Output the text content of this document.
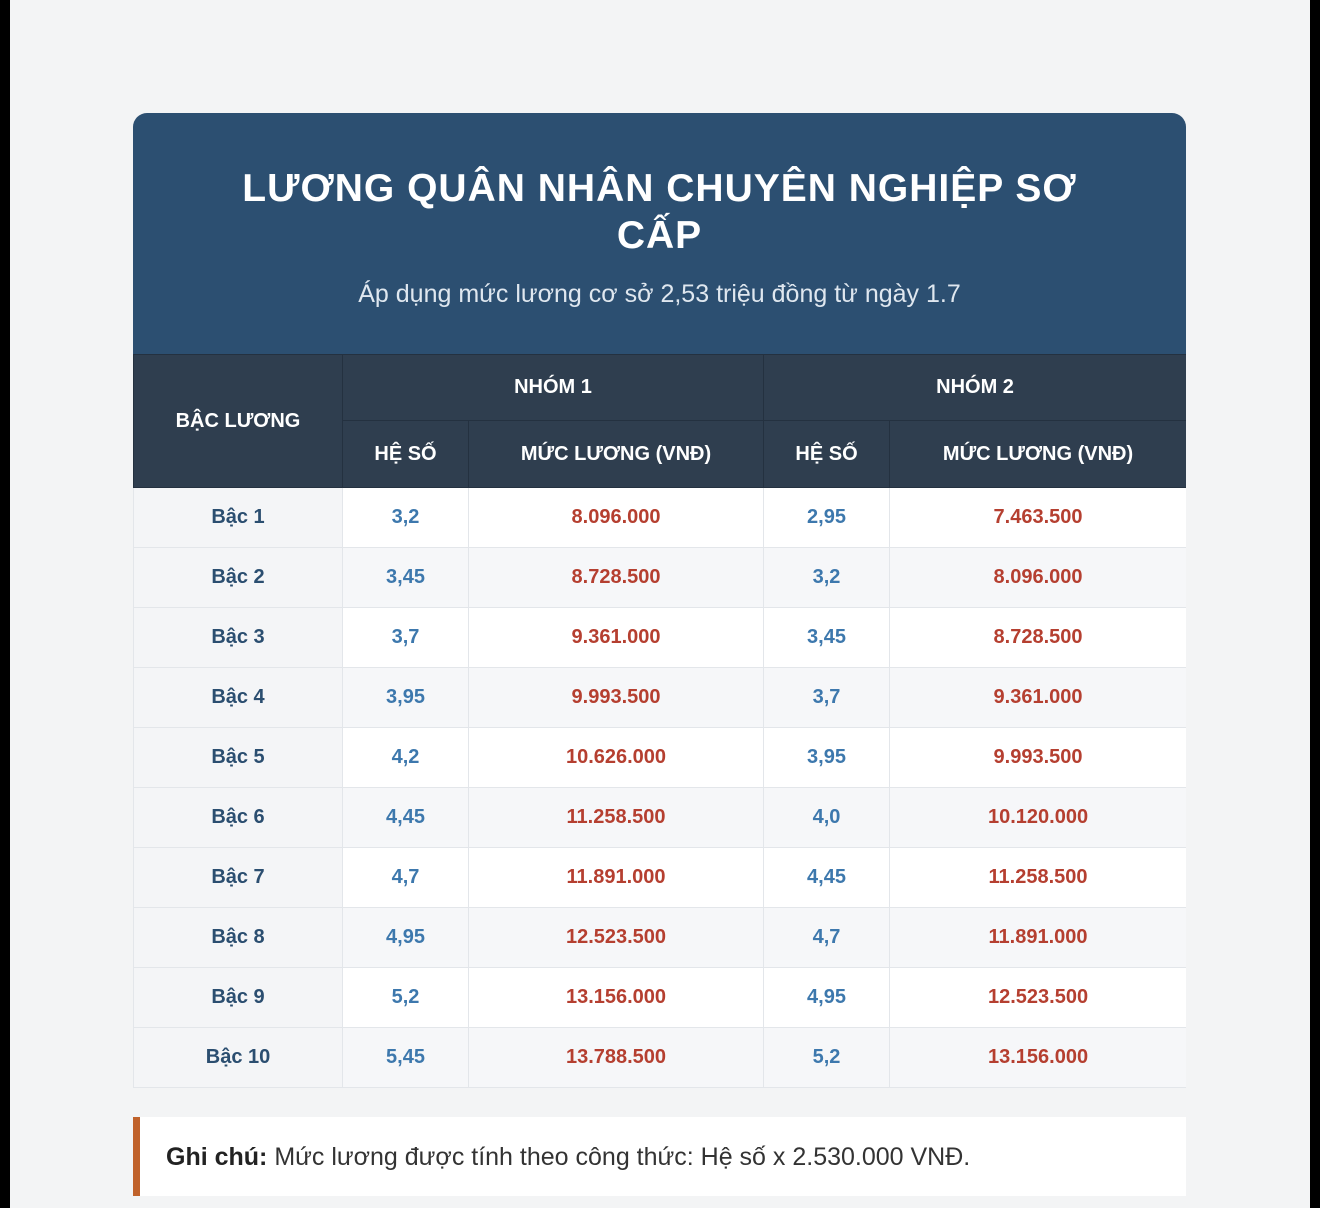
LƯƠNG QUÂN NHÂN CHUYÊN NGHIỆP SƠ CẤP
Áp dụng mức lương cơ sở 2,53 triệu đồng từ ngày 1.7
BẬC LƯƠNG	NHÓM 1		NHÓM 2	
	HỆ SỐ	MỨC LƯƠNG (VNĐ)	HỆ SỐ	MỨC LƯƠNG (VNĐ)
Bậc 1	3,2	8.096.000	2,95	7.463.500
Bậc 2	3,45	8.728.500	3,2	8.096.000
Bậc 3	3,7	9.361.000	3,45	8.728.500
Bậc 4	3,95	9.993.500	3,7	9.361.000
Bậc 5	4,2	10.626.000	3,95	9.993.500
Bậc 6	4,45	11.258.500	4,0	10.120.000
Bậc 7	4,7	11.891.000	4,45	11.258.500
Bậc 8	4,95	12.523.500	4,7	11.891.000
Bậc 9	5,2	13.156.000	4,95	12.523.500
Bậc 10	5,45	13.788.500	5,2	13.156.000
Ghi chú: Mức lương được tính theo công thức: Hệ số x 2.530.000 VNĐ.
